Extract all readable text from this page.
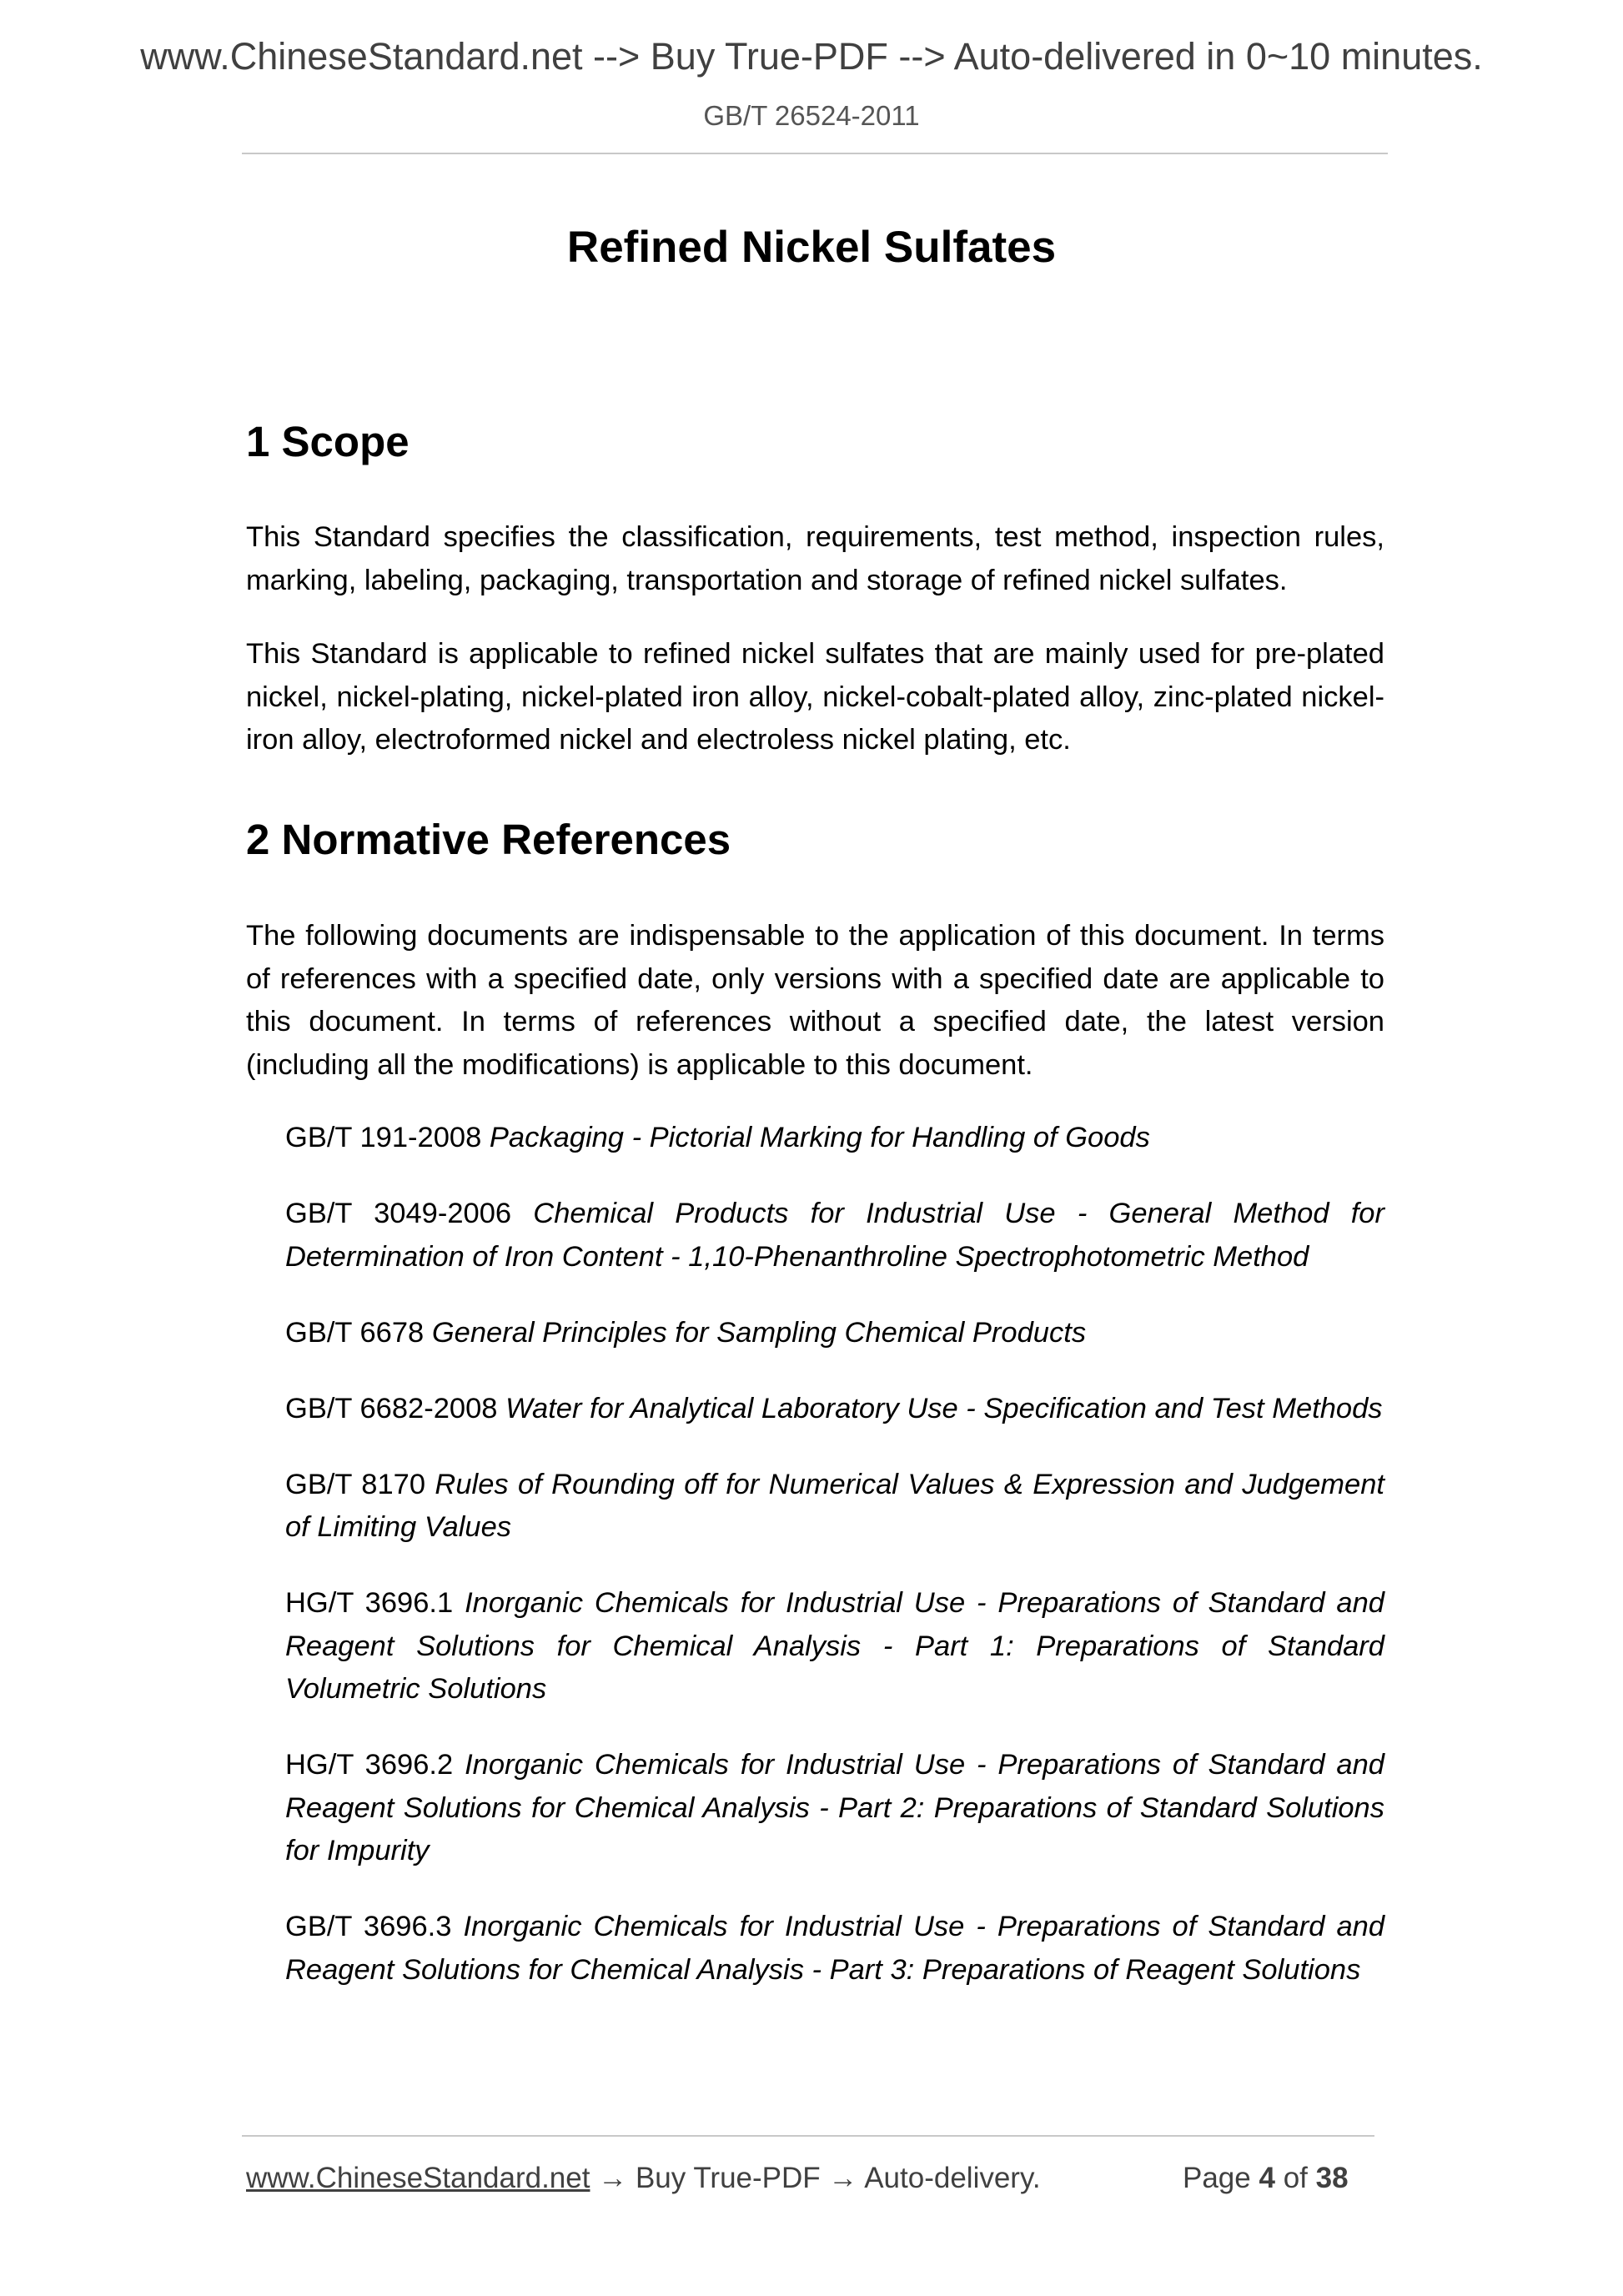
www.ChineseStandard.net --> Buy True-PDF --> Auto-delivered in 0~10 minutes.
GB/T 26524-2011
Refined Nickel Sulfates
1 Scope

This Standard specifies the classification, requirements, test method, inspection rules, marking, labeling, packaging, transportation and storage of refined nickel sulfates.

This Standard is applicable to refined nickel sulfates that are mainly used for pre-plated nickel, nickel-plating, nickel-plated iron alloy, nickel-cobalt-plated alloy, zinc-plated nickel-iron alloy, electroformed nickel and electroless nickel plating, etc.

2 Normative References

The following documents are indispensable to the application of this document. In terms of references with a specified date, only versions with a specified date are applicable to this document. In terms of references without a specified date, the latest version (including all the modifications) is applicable to this document.

GB/T 191-2008 Packaging - Pictorial Marking for Handling of Goods
GB/T 3049-2006 Chemical Products for Industrial Use - General Method for Determination of Iron Content - 1,10-Phenanthroline Spectrophotometric Method
GB/T 6678 General Principles for Sampling Chemical Products
GB/T 6682-2008 Water for Analytical Laboratory Use - Specification and Test Methods
GB/T 8170 Rules of Rounding off for Numerical Values & Expression and Judgement of Limiting Values
HG/T 3696.1 Inorganic Chemicals for Industrial Use - Preparations of Standard and Reagent Solutions for Chemical Analysis - Part 1: Preparations of Standard Volumetric Solutions
HG/T 3696.2 Inorganic Chemicals for Industrial Use - Preparations of Standard and Reagent Solutions for Chemical Analysis - Part 2: Preparations of Standard Solutions for Impurity
GB/T 3696.3 Inorganic Chemicals for Industrial Use - Preparations of Standard and Reagent Solutions for Chemical Analysis - Part 3: Preparations of Reagent Solutions
www.ChineseStandard.net → Buy True-PDF → Auto-delivery.	Page 4 of 38
